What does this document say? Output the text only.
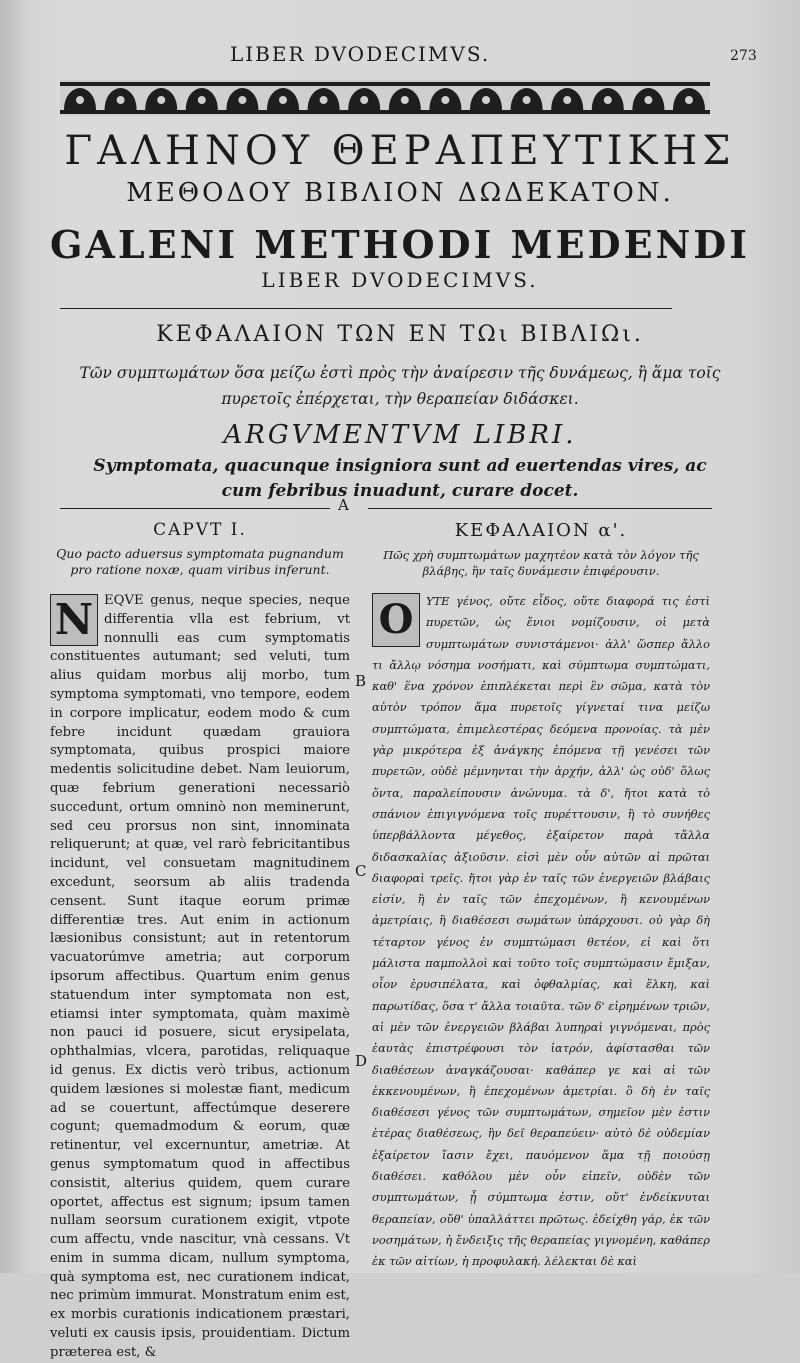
LIBER DVODECIMVS.	273
ΓΑΛΗΝΟΥ ΘΕΡΑΠΕΥΤΙΚΗΣ
ΜΕΘΟΔΟΥ ΒΙΒΛΙΟΝ ΔΩΔΕΚΑΤΟΝ.
GALENI METHODI MEDENDI
LIBER DVODECIMVS.
ΚΕΦΑΛΑΙΟΝ ΤΩΝ ΕΝ ΤΩι ΒΙΒΛΙΩι.
Τῶν συμπτωμάτων ὅσα μείζω ἐστὶ πρὸς τὴν ἀναίρεσιν τῆς δυνάμεως, ἢ ἅμα τοῖς πυρετοῖς ἐπέρχεται, τὴν θεραπείαν διδάσκει.
ARGVMENTVM LIBRI.
Symptomata, quacunque insigniora sunt ad euertendas vires, ac cum febribus inuadunt, curare docet.
A
CAPVT I.
Quo pacto aduersus symptomata pugnandum pro ratione noxæ, quam viribus inferunt.
N EQVE genus, neque species, neque differentia vlla est febrium, vt nonnulli eas cum symptomatis constituentes autumant; sed veluti, tum alius quidam morbus alij morbo, tum symptoma symptomati, vno tempore, eodem in corpore implicatur, eodem modo & cum febre incidunt quædam grauiora symptomata, quibus prospici maiore medentis solicitudine debet. Nam leuiorum, quæ febrium generationi necessariò succedunt, ortum omninò non meminerunt, sed ceu prorsus non sint, innominata reliquerunt; at quæ, vel rarò febricitantibus incidunt, vel consuetam magnitudinem excedunt, seorsum ab aliis tradenda censent. Sunt itaque eorum primæ differentiæ tres. Aut enim in actionum læsionibus consistunt; aut in retentorum vacuatorúmve ametria; aut corporum ipsorum affectibus. Quartum enim genus statuendum inter symptomata non est, etiamsi inter symptomata, quàm maximè non pauci id posuere, sicut erysipelata, ophthalmias, vlcera, parotidas, reliquaque id genus. Ex dictis verò tribus, actionum quidem læsiones si molestæ fiant, medicum ad se couertunt, affectúmque deserere cogunt; quemadmodum & eorum, quæ retinentur, vel excernuntur, ametriæ. At genus symptomatum quod in affectibus consistit, alterius quidem, quem curare oportet, affectus est signum; ipsum tamen nullam seorsum curationem exigit, vtpote cum affectu, vnde nascitur, vnà cessans. Vt enim in summa dicam, nullum symptoma, quà symptoma est, nec curationem indicat, nec primùm immurat. Monstratum enim est, ex morbis curationis indicationem præstari, veluti ex causis ipsis, prouidentiam. Dictum præterea est, &
ΚΕΦΑΛΑΙΟΝ α'.
Πῶς χρὴ συμπτωμάτων μαχητέον κατὰ τὸν λόγον τῆς βλάβης, ἣν ταῖς δυνάμεσιν ἐπιφέρουσιν.
O	ΥΤΕ γένος, οὔτε εἶδος, οὔτε διαφορά τις ἐστὶ πυρετῶν, ὡς ἔνιοι νομίζουσιν, οἱ μετὰ συμπτωμάτων συνιστάμενοι· ἀλλ' ὥσπερ ἄλλο τι ἄλλῳ νόσημα νοσήματι, καὶ σύμπτωμα συμπτώματι, καθ' ἕνα χρόνον ἐπιπλέκεται περὶ ἓν σῶμα, κατὰ τὸν αὐτὸν τρόπον ἅμα πυρετοῖς γίγνεταί τινα μείζω συμπτώματα, ἐπιμελεστέρας δεόμενα προνοίας. τὰ μὲν γὰρ μικρότερα ἐξ ἀνάγκης ἑπόμενα τῇ γενέσει τῶν πυρετῶν, οὐδὲ μέμνηνται τὴν ἀρχήν, ἀλλ' ὡς οὐδ' ὅλως ὄντα, παραλείπουσιν ἀνώνυμα. τὰ δ', ἤτοι κατὰ τὸ σπάνιον ἐπιγιγνόμενα τοῖς πυρέττουσιν, ἢ τὸ συνήθες ὑπερβάλλοντα μέγεθος, ἐξαίρετον παρὰ τἄλλα διδασκαλίας ἀξιοῦσιν. εἰσὶ μὲν οὖν αὐτῶν αἱ πρῶται διαφοραὶ τρεῖς. ἤτοι γὰρ ἐν ταῖς τῶν ἐνεργειῶν βλάβαις εἰσίν, ἢ ἐν ταῖς τῶν ἐπεχομένων, ἢ κενουμένων ἀμετρίαις, ἢ διαθέσεσι σωμάτων ὑπάρχουσι. οὐ γὰρ δὴ τέταρτον γένος ἐν συμπτώμασι θετέον, εἰ καὶ ὅτι μάλιστα παμπολλοὶ καὶ τοῦτο τοῖς συμπτώμασιν ἔμιξαν, οἷον ἐρυσιπέλατα, καὶ ὀφθαλμίας, καὶ ἕλκη, καὶ παρωτίδας, ὅσα τ' ἄλλα τοιαῦτα. τῶν δ' εἰρημένων τριῶν, αἱ μὲν τῶν ἐνεργειῶν βλάβαι λυπηραὶ γιγνόμεναι, πρὸς ἑαυτὰς ἐπιστρέφουσι τὸν ἰατρόν, ἀφίστασθαι τῶν διαθέσεων ἀναγκάζουσαι· καθάπερ γε καὶ αἱ τῶν ἐκκενουμένων, ἢ ἐπεχομένων ἀμετρίαι. ὃ δὴ ἐν ταῖς διαθέσεσι γένος τῶν συμπτωμάτων, σημεῖον μὲν ἐστιν ἑτέρας διαθέσεως, ἣν δεῖ θεραπεύειν· αὐτὸ δὲ οὐδεμίαν ἐξαίρετον ἴασιν ἔχει, παυόμενον ἅμα τῇ ποιούσῃ διαθέσει. καθόλου μὲν οὖν εἰπεῖν, οὐδὲν τῶν συμπτωμάτων, ᾗ σύμπτωμα ἐστιν, οὔτ' ἐνδείκνυται θεραπείαν, οὔθ' ὑπαλλάττει πρῶτως. ἐδείχθη γάρ, ἐκ τῶν νοσημάτων, ἡ ἔνδειξις τῆς θεραπείας γιγνομένη, καθάπερ ἐκ τῶν αἰτίων, ἡ προφυλακή. λέλεκται δὲ καὶ
B
C
D
